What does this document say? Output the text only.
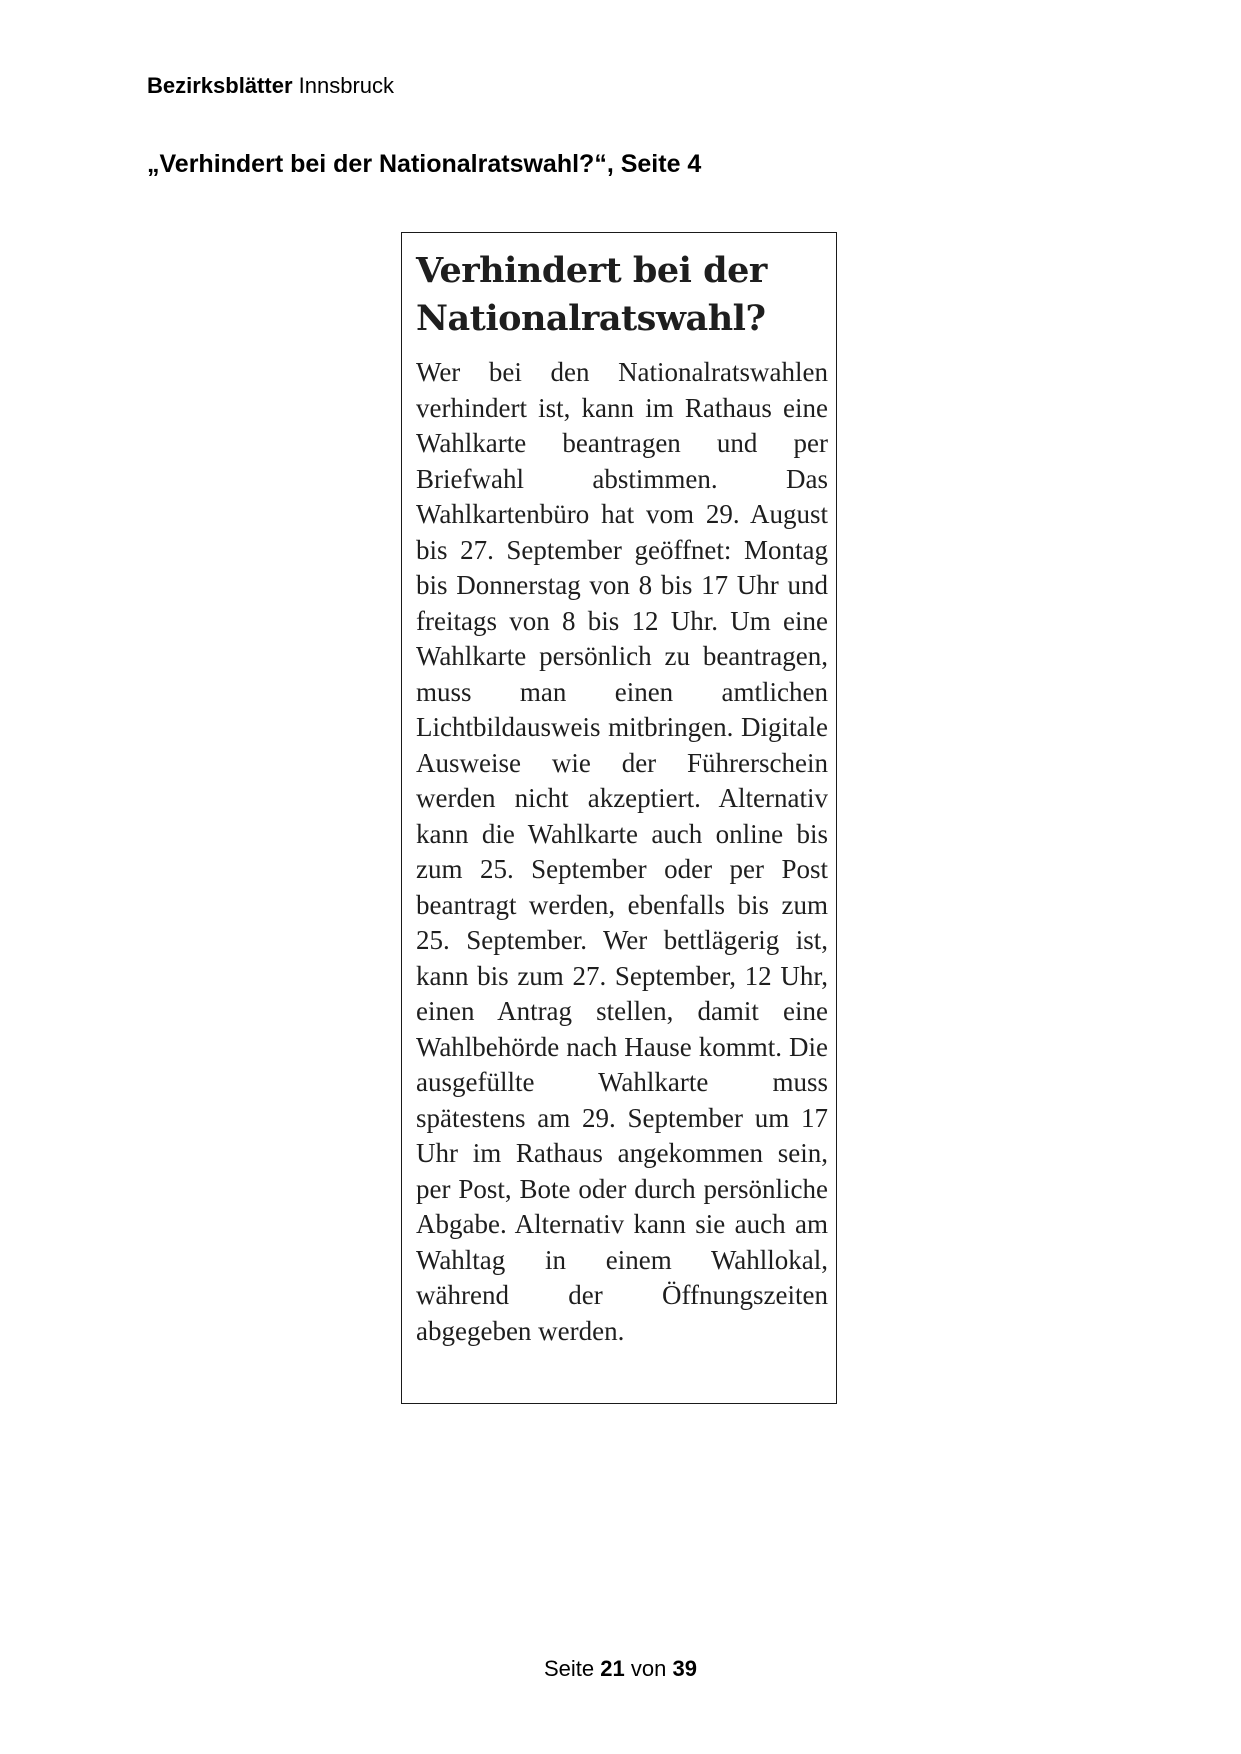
Bezirksblätter Innsbruck
„Verhindert bei der Nationalratswahl?“, Seite 4
Verhindert bei der Nationalratswahl?

Wer bei den Nationalratswahlen verhindert ist, kann im Rathaus eine Wahlkarte beantragen und per Briefwahl abstimmen. Das Wahlkartenbüro hat vom 29. August bis 27. September geöffnet: Montag bis Donnerstag von 8 bis 17 Uhr und freitags von 8 bis 12 Uhr. Um eine Wahlkarte persönlich zu beantragen, muss man einen amtlichen Lichtbildausweis mitbringen. Digitale Ausweise wie der Führerschein werden nicht akzeptiert. Alternativ kann die Wahlkarte auch online bis zum 25. September oder per Post beantragt werden, ebenfalls bis zum 25. September. Wer bettlägerig ist, kann bis zum 27. September, 12 Uhr, einen Antrag stellen, damit eine Wahlbehörde nach Hause kommt. Die ausgefüllte Wahlkarte muss spätestens am 29. September um 17 Uhr im Rathaus angekommen sein, per Post, Bote oder durch persönliche Abgabe. Alternativ kann sie auch am Wahltag in einem Wahllokal, während der Öffnungszeiten abgegeben werden.

Seite 21 von 39
